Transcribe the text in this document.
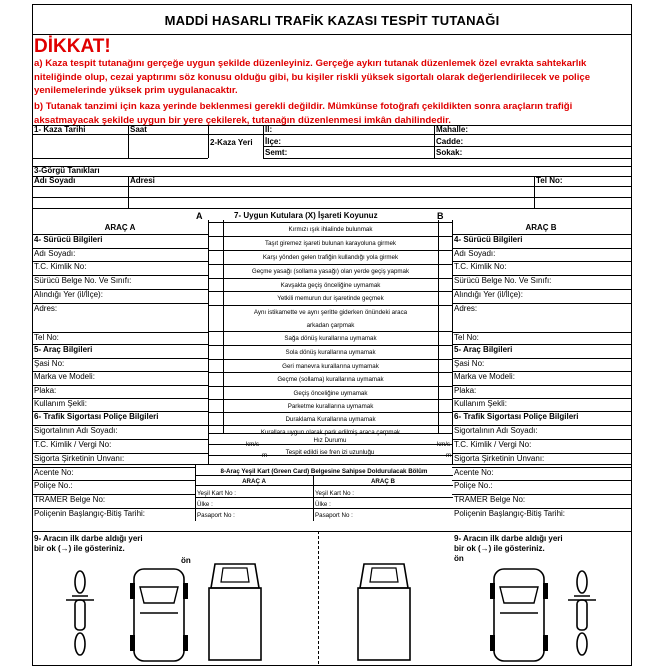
MADDİ HASARLI TRAFİK KAZASI TESPİT TUTANAĞI
DİKKAT!
a) Kaza tespit tutanağını gerçeğe uygun şekilde düzenleyiniz. Gerçeğe aykırı tutanak düzenlemek özel evrakta sahtekarlık niteliğinde olup, cezai yaptırımı söz konusu olduğu gibi, bu kişiler riskli yüksek sigortalı olarak değerlendirilecek ve poliçe yenilemelerinde yüksek prim uygulanacaktır.
b) Tutanak tanzimi için kaza yerinde beklenmesi gerekli değildir. Mümkünse fotoğrafı çekildikten sonra araçların trafiği aksatmayacak şekilde uygun bir yere çekilerek, tutanağın düzenlenmesi imkân dahilindedir.
1- Kaza Tarihi	Saat
2-Kaza Yeri
İl:
İlçe:
Semt:
Mahalle:
Cadde:
Sokak:
3-Görgü Tanıkları
Adı Soyadı	Adresi	Tel No:
A	B
7- Uygun Kutulara (X) İşareti Koyunuz
ARAÇ A	ARAÇ B
4- Sürücü Bilgileri
Adı Soyadı:
T.C. Kimlik No:
Sürücü Belge No. Ve Sınıfı:
Alındığı Yer (il/İlçe):
Adres:
Tel No:
5- Araç Bilgileri
Şasi No:
Marka ve Modeli:
Plaka:
Kullanım Şekli:
6- Trafik Sigortası Poliçe Bilgileri
Sigortalının Adı Soyadı:
T.C. Kimlik / Vergi No:
Sigorta Şirketinin Unvanı:
4- Sürücü Bilgileri
Adı Soyadı:
T.C. Kimlik No:
Sürücü Belge No. Ve Sınıfı:
Alındığı Yer (il/İlçe):
Adres:
Tel No:
5- Araç Bilgileri
Şasi No:
Marka ve Modeli:
Plaka:
Kullanım Şekli:
6- Trafik Sigortası Poliçe Bilgileri
Sigortalının Adı Soyadı:
T.C. Kimlik / Vergi No:
Sigorta Şirketinin Unvanı:
Kırmızı ışık ihlalinde bulunmak
Taşıt giremez işareti bulunan karayoluna girmek
Karşı yönden gelen trafiğin kullandığı yola girmek
Geçme yasağı (sollama yasağı) olan yerde geçiş yapmak
Kavşakta geçiş önceliğine uymamak
Yetkili memurun dur işaretinde geçmek
Aynı istikamette ve aynı şeritte giderken önündeki araca
arkadan çarpmak
Sağa dönüş kurallarına uymamak
Sola dönüş kurallarına uymamak
Geri manevra kurallarına uymamak
Geçme (sollama) kurallarına uymamak
Geçiş önceliğine uymamak
Parketme kurallarına uymamak
Duraklama Kurallarına uymamak
Kurallara uygun olarak park edilmiş araca çarpmak
km/s	km/s
Hız Durumu
Tespit edildi ise fren izi uzunluğu
m	m
8-Araç Yeşil Kart (Green Card) Belgesine Sahipse Doldurulacak Bölüm
ARAÇ A	ARAÇ B
Yeşil Kart No :	Yeşil Kart No :
Ülke :	Ülke :
Pasaport No :	Pasaport No :
Acente No:
Poliçe No.:
TRAMER Belge No:
Poliçenin Başlangıç-Bitiş Tarihi:
Acente No:
Poliçe No.:
TRAMER Belge No:
Poliçenin Başlangıç-Bitiş Tarihi:
9- Aracın ilk darbe aldığı yeri
bir ok (→) ile gösteriniz.
9- Aracın ilk darbe aldığı yeri
bir ok (→) ile gösteriniz.
ön	ön
